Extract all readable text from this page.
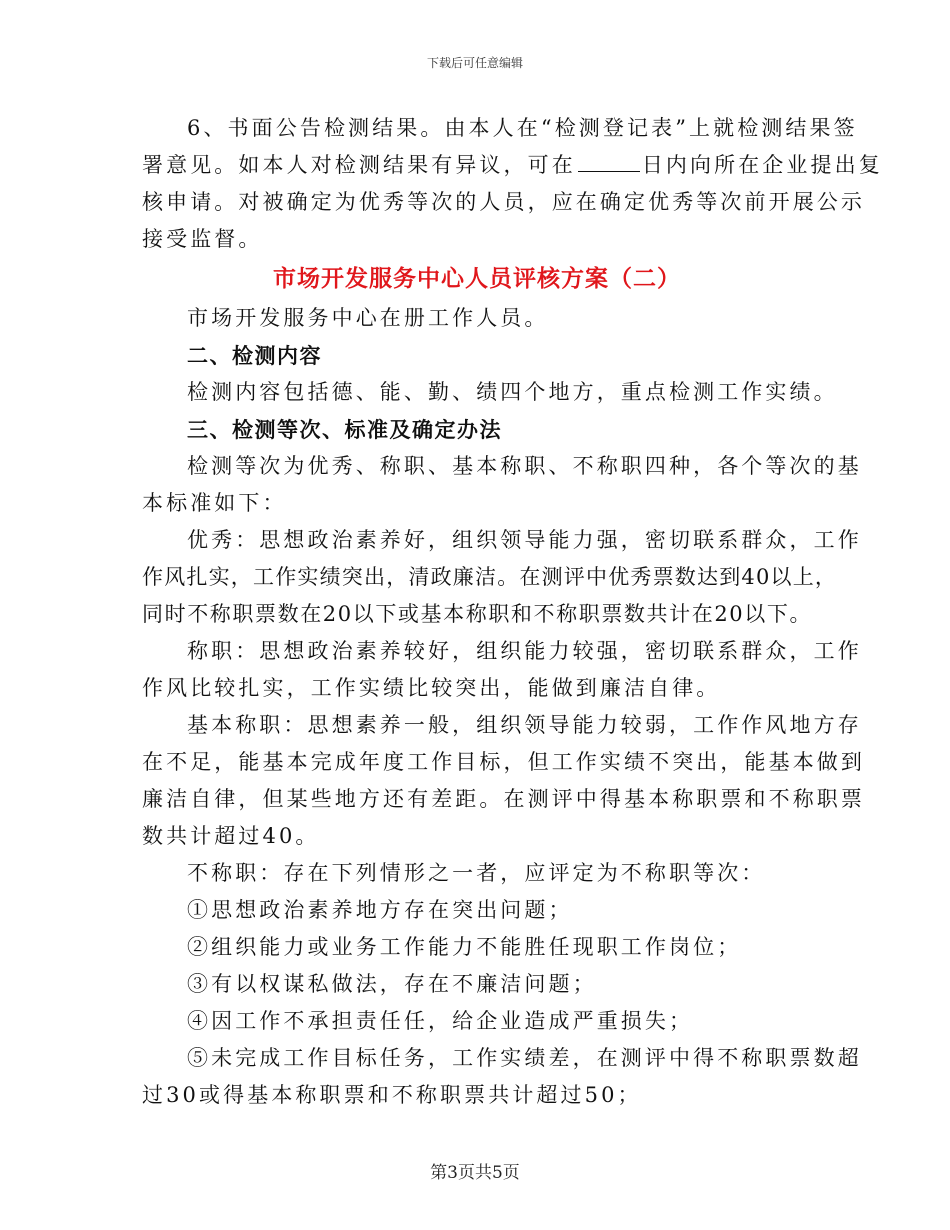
下载后可任意编辑
6、书面公告检测结果。由本人在“检测登记表”上就检测结果签
署意见。如本人对检测结果有异议，可在	日内向所在企业提出复
核申请。对被确定为优秀等次的人员，应在确定优秀等次前开展公示
接受监督。
市场开发服务中心人员评核方案（二）
市场开发服务中心在册工作人员。
二、检测内容
检测内容包括德、能、勤、绩四个地方，重点检测工作实绩。
三、检测等次、标准及确定办法
检测等次为优秀、称职、基本称职、不称职四种，各个等次的基
本标准如下：
优秀：思想政治素养好，组织领导能力强，密切联系群众，工作
作风扎实，工作实绩突出，清政廉洁。在测评中优秀票数达到40以上，
同时不称职票数在20以下或基本称职和不称职票数共计在20以下。
称职：思想政治素养较好，组织能力较强，密切联系群众，工作
作风比较扎实，工作实绩比较突出，能做到廉洁自律。
基本称职：思想素养一般，组织领导能力较弱，工作作风地方存
在不足，能基本完成年度工作目标，但工作实绩不突出，能基本做到
廉洁自律，但某些地方还有差距。在测评中得基本称职票和不称职票
数共计超过40。
不称职：存在下列情形之一者，应评定为不称职等次：
①思想政治素养地方存在突出问题；
②组织能力或业务工作能力不能胜任现职工作岗位；
③有以权谋私做法，存在不廉洁问题；
④因工作不承担责任任，给企业造成严重损失；
⑤未完成工作目标任务，工作实绩差，在测评中得不称职票数超
过30或得基本称职票和不称职票共计超过50；
第3页共5页
